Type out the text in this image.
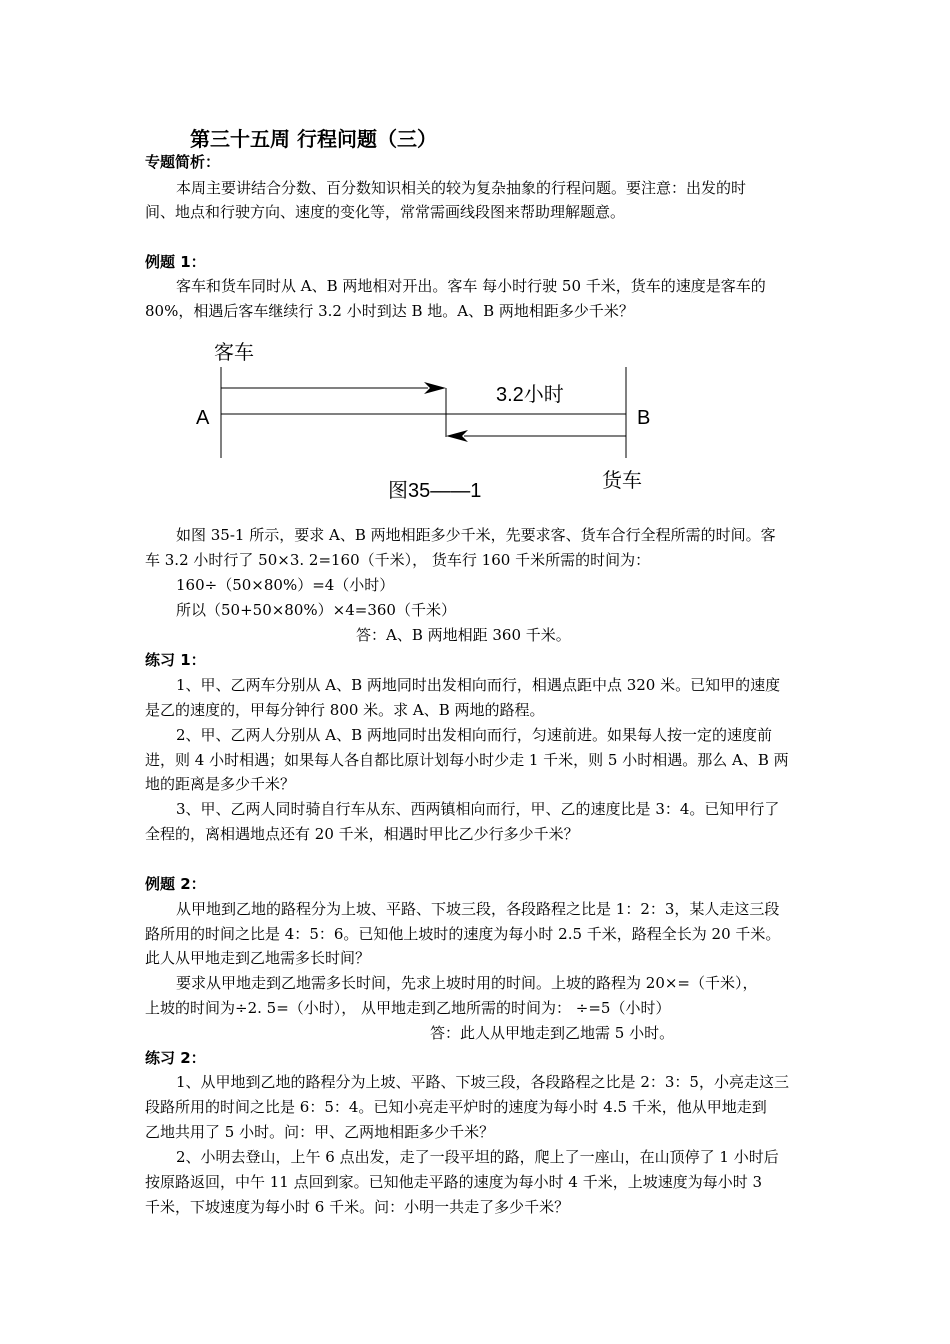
第三十五周 行程问题（三）
专题简析：
本周主要讲结合分数、百分数知识相关的较为复杂抽象的行程问题。要注意：出发的时
间、地点和行驶方向、速度的变化等，常常需画线段图来帮助理解题意。
例题 1：
客车和货车同时从 A、B 两地相对开出。客车 每小时行驶 50 千米，货车的速度是客车的
80%，相遇后客车继续行 3.2 小时到达 B 地。A、B 两地相距多少千米？
客车
A	B
3.2小时
货车
图35——1
如图 35-1 所示，要求 A、B 两地相距多少千米，先要求客、货车合行全程所需的时间。客
车 3.2 小时行了 50×3. 2=160（千米）， 货车行 160 千米所需的时间为：
160÷（50×80%）=4（小时）
所以（50+50×80%）×4=360（千米）
答：A、B 两地相距 360 千米。
练习 1：
1、甲、乙两车分别从 A、B 两地同时出发相向而行，相遇点距中点 320 米。已知甲的速度
是乙的速度的，甲每分钟行 800 米。求 A、B 两地的路程。
2、甲、乙两人分别从 A、B 两地同时出发相向而行，匀速前进。如果每人按一定的速度前
进，则 4 小时相遇；如果每人各自都比原计划每小时少走 1 千米，则 5 小时相遇。那么 A、B 两
地的距离是多少千米？
3、甲、乙两人同时骑自行车从东、西两镇相向而行，甲、乙的速度比是 3：4。已知甲行了
全程的，离相遇地点还有 20 千米，相遇时甲比乙少行多少千米？
例题 2：
从甲地到乙地的路程分为上坡、平路、下坡三段，各段路程之比是 1：2：3，某人走这三段
路所用的时间之比是 4：5：6。已知他上坡时的速度为每小时 2.5 千米，路程全长为 20 千米。
此人从甲地走到乙地需多长时间？
要求从甲地走到乙地需多长时间，先求上坡时用的时间。上坡的路程为 20×=（千米），
上坡的时间为÷2. 5=（小时）， 从甲地走到乙地所需的时间为： ÷=5（小时）
答：此人从甲地走到乙地需 5 小时。
练习 2：
1、从甲地到乙地的路程分为上坡、平路、下坡三段，各段路程之比是 2：3：5，小亮走这三
段路所用的时间之比是 6：5：4。已知小亮走平炉时的速度为每小时 4.5 千米，他从甲地走到
乙地共用了 5 小时。问：甲、乙两地相距多少千米？
2、小明去登山，上午 6 点出发，走了一段平坦的路，爬上了一座山，在山顶停了 1 小时后
按原路返回，中午 11 点回到家。已知他走平路的速度为每小时 4 千米，上坡速度为每小时 3
千米，下坡速度为每小时 6 千米。问：小明一共走了多少千米？
